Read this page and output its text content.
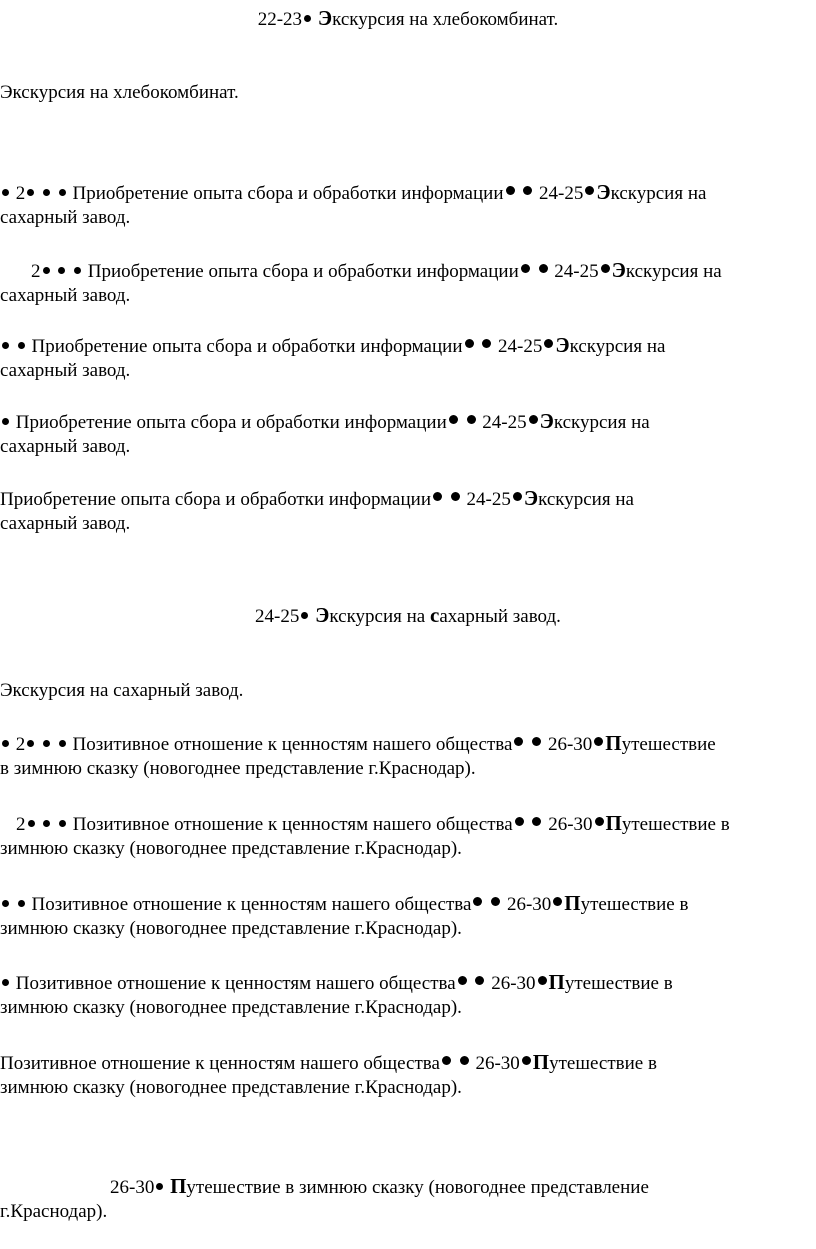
22-23 Экскурсия на хлебокомбинат.
Экскурсия на хлебокомбинат.
2 Приобретение опыта сбора и обработки информации 24-25 Экскурсия на
сахарный завод.
2 Приобретение опыта сбора и обработки информации 24-25 Экскурсия на
сахарный завод.
Приобретение опыта сбора и обработки информации 24-25 Экскурсия на
сахарный завод.
Приобретение опыта сбора и обработки информации 24-25 Экскурсия на
сахарный завод.
Приобретение опыта сбора и обработки информации 24-25 Экскурсия на
сахарный завод.
24-25 Экскурсия на сахарный завод.
Экскурсия на сахарный завод.
2 Позитивное отношение к ценностям нашего общества 26-30 Путешествие
в зимнюю сказку (новогоднее представление г.Краснодар).
2 Позитивное отношение к ценностям нашего общества 26-30 Путешествие в
зимнюю сказку (новогоднее представление г.Краснодар).
Позитивное отношение к ценностям нашего общества 26-30 Путешествие в
зимнюю сказку (новогоднее представление г.Краснодар).
Позитивное отношение к ценностям нашего общества 26-30 Путешествие в
зимнюю сказку (новогоднее представление г.Краснодар).
Позитивное отношение к ценностям нашего общества 26-30 Путешествие в
зимнюю сказку (новогоднее представление г.Краснодар).
26-30 Путешествие в зимнюю сказку (новогоднее представление
г.Краснодар).
